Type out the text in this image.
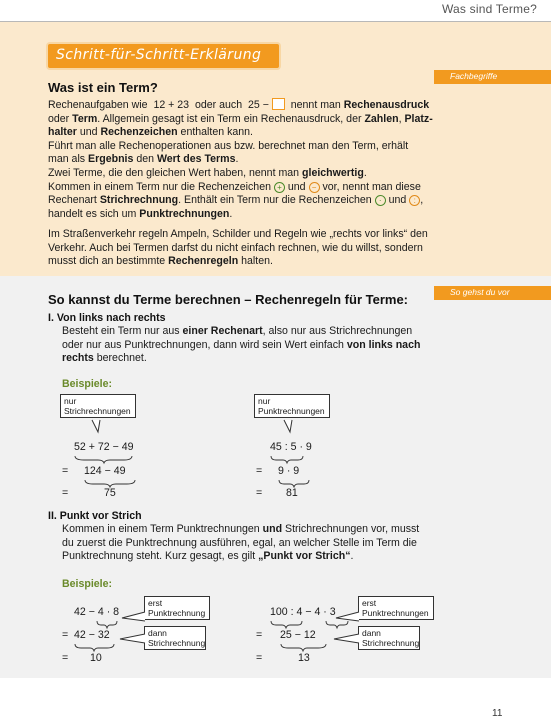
Was sind Terme?
Schritt-für-Schritt-Erklärung
Fachbegriffe
Was ist ein Term?
Rechenaufgaben wie 12 + 23 oder auch 25 − nennt man Rechenausdruck
oder Term. Allgemein gesagt ist ein Term ein Rechenausdruck, der Zahlen, Platz-
halter und Rechenzeichen enthalten kann.
Führt man alle Rechenoperationen aus bzw. berechnet man den Term, erhält
man als Ergebnis den Wert des Terms.
Zwei Terme, die den gleichen Wert haben, nennt man gleichwertig.
Kommen in einem Term nur die Rechenzeichen + und − vor, nennt man diese
Rechenart Strichrechnung. Enthält ein Term nur die Rechenzeichen · und : ,
handelt es sich um Punktrechnungen.
Im Straßenverkehr regeln Ampeln, Schilder und Regeln wie „rechts vor links“ den
Verkehr. Auch bei Termen darfst du nicht einfach rechnen, wie du willst, sondern
musst dich an bestimmte Rechenregeln halten.
So gehst du vor
So kannst du Terme berechnen – Rechenregeln für Terme:
I. Von links nach rechts
Besteht ein Term nur aus einer Rechenart, also nur aus Strichrechnungen
oder nur aus Punktrechnungen, dann wird sein Wert einfach von links nach
rechts berechnet.
Beispiele:
nur
Strichrechnungen
52 + 72 − 49
= 124 − 49
=	75
nur
Punktrechnungen
45 : 5 · 9
= 9 · 9
= 81
II. Punkt vor Strich
Kommen in einem Term Punktrechnungen und Strichrechnungen vor, musst
du zuerst die Punktrechnung ausführen, egal, an welcher Stelle im Term die
Punktrechnung steht. Kurz gesagt, es gilt „Punkt vor Strich“.
Beispiele:
42 − 4 · 8
erst
Punktrechnung
= 42 − 32	dann
Strichrechnung
= 10
100 : 4 − 4 · 3
erst
Punktrechnungen
= 25 − 12	dann
Strichrechnung
=	13
11
